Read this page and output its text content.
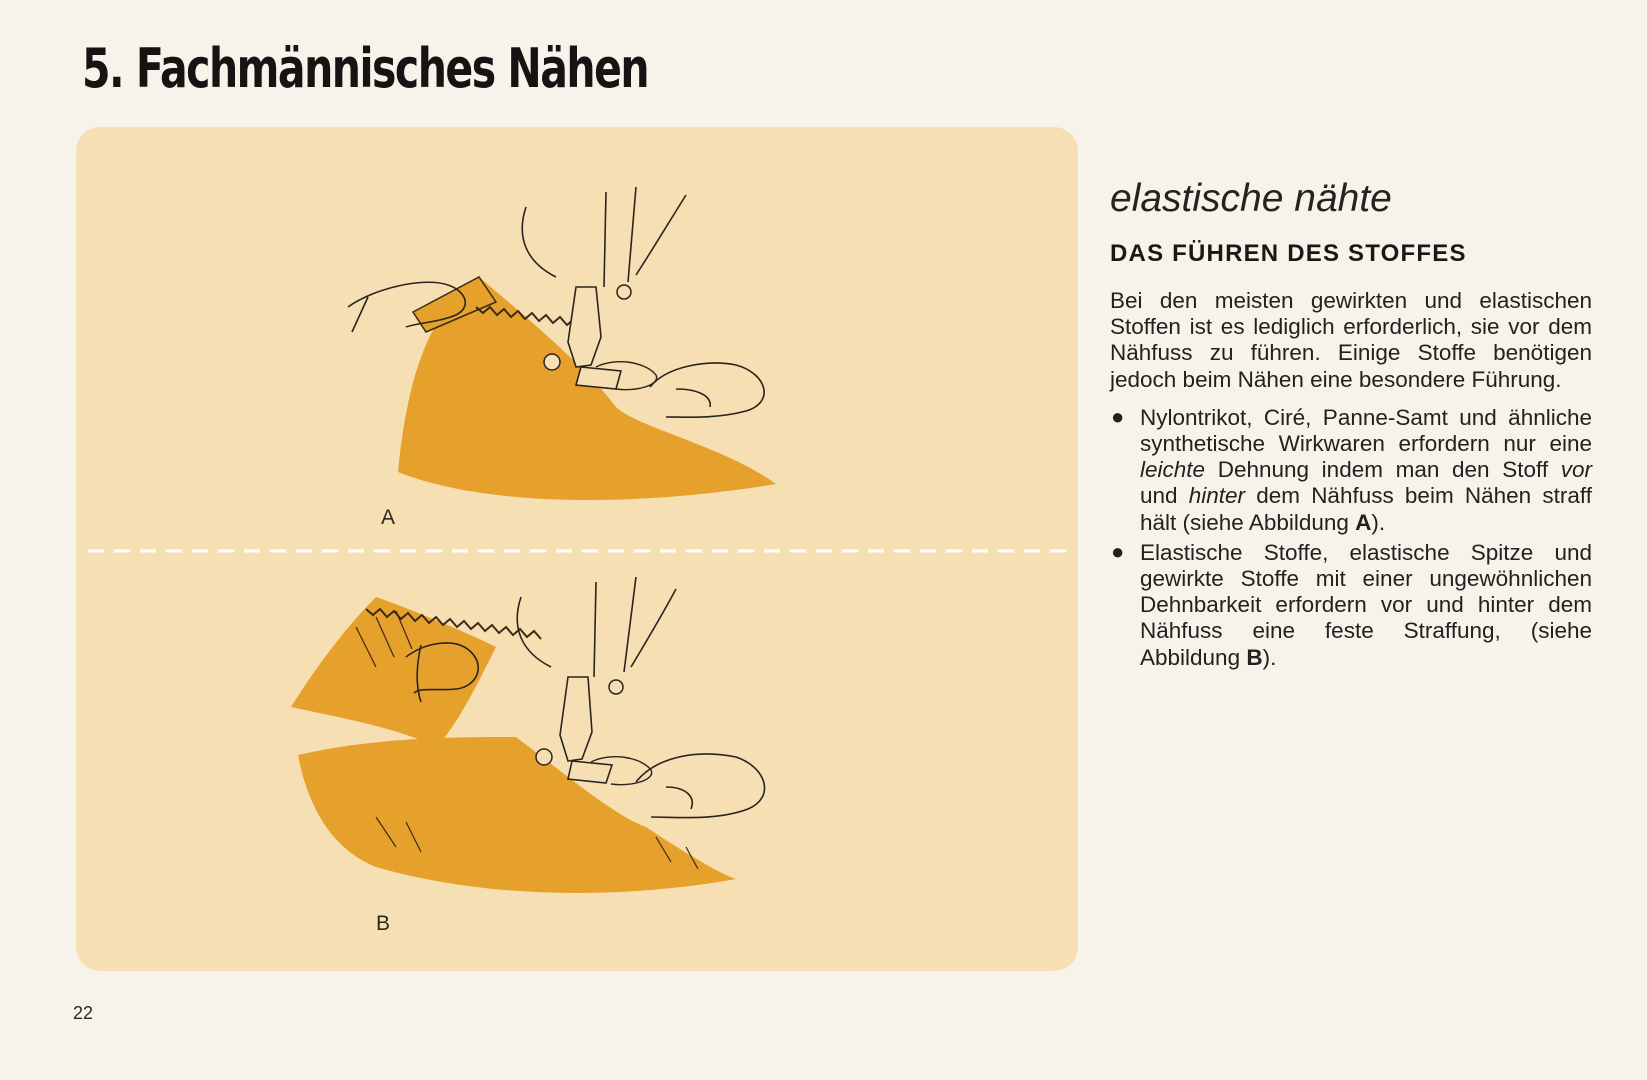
5. Fachmännisches Nähen
A
B
elastische nähte
DAS FÜHREN DES STOFFES

Bei den meisten gewirkten und elastischen Stoffen ist es lediglich erforderlich, sie vor dem Nähfuss zu führen. Einige Stoffe benötigen jedoch beim Nähen eine besondere Führung.

● Nylontrikot, Ciré, Panne-Samt und ähnliche synthetische Wirkwaren erfordern nur eine leichte Dehnung indem man den Stoff vor und hinter dem Nähfuss beim Nähen straff hält (siehe Abbildung A).
● Elastische Stoffe, elastische Spitze und gewirkte Stoffe mit einer ungewöhnlichen Dehnbarkeit erfordern vor und hinter dem Nähfuss eine feste Straffung, (siehe Abbildung B).
22
